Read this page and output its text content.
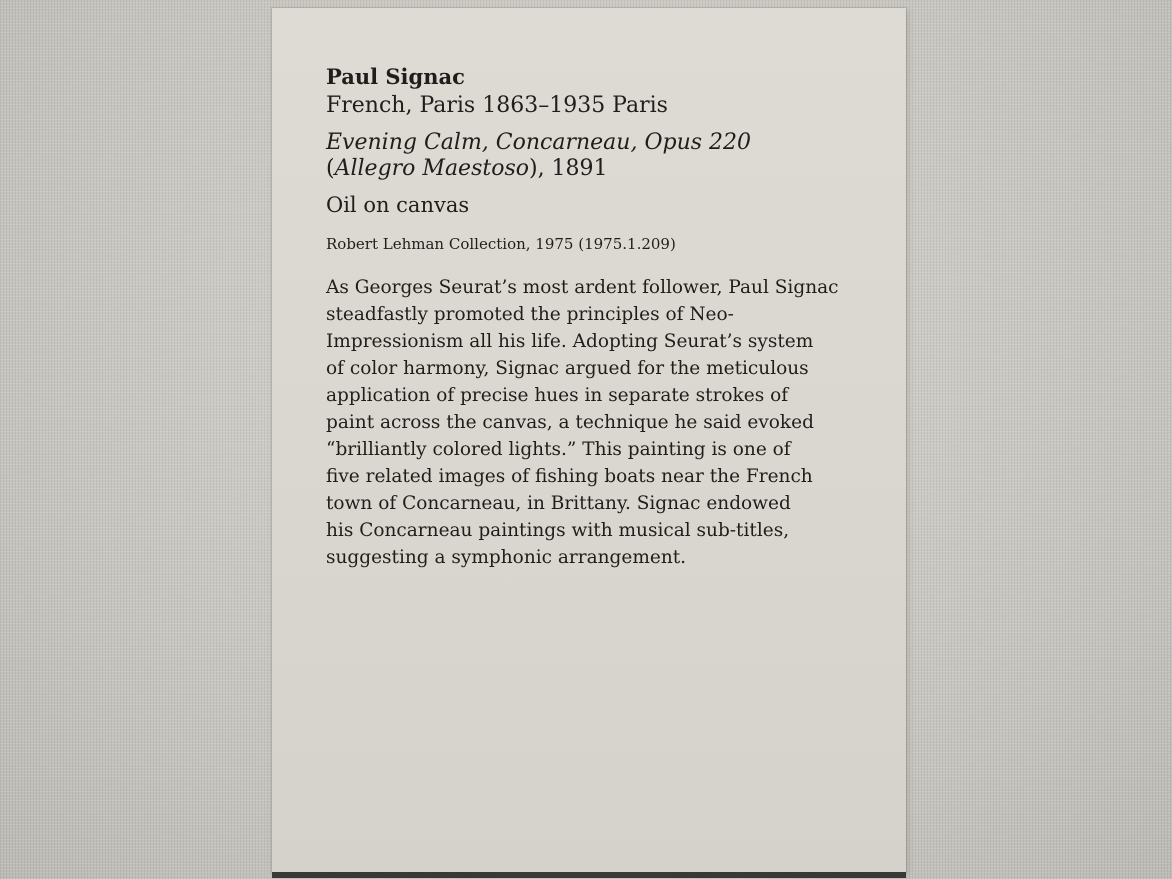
Paul Signac

French, Paris 1863–1935 Paris

Evening Calm, Concarneau, Opus 220
(Allegro Maestoso), 1891

Oil on canvas

Robert Lehman Collection, 1975 (1975.1.209)

As Georges Seurat’s most ardent follower, Paul Signac
steadfastly promoted the principles of Neo-
Impressionism all his life. Adopting Seurat’s system
of color harmony, Signac argued for the meticulous
application of precise hues in separate strokes of
paint across the canvas, a technique he said evoked
“brilliantly colored lights.” This painting is one of
five related images of fishing boats near the French
town of Concarneau, in Brittany. Signac endowed
his Concarneau paintings with musical sub-titles,
suggesting a symphonic arrangement.
